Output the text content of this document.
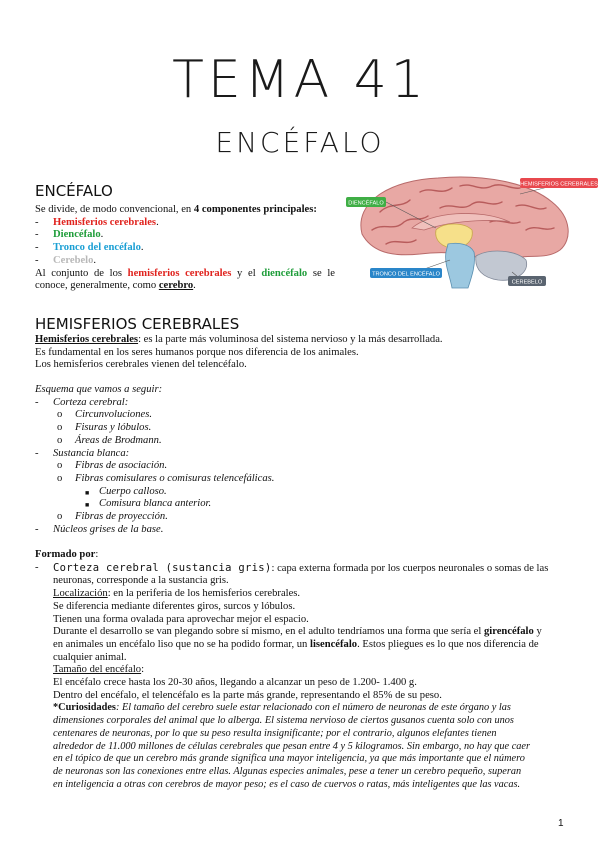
TEMA 41
ENCÉFALO
ENCÉFALO
Se divide, de modo convencional, en 4 componentes principales:
- Hemisferios cerebrales.
- Diencéfalo.
- Tronco del encéfalo.
- Cerebelo.
Al conjunto de los hemisferios cerebrales y el diencéfalo se le
conoce, generalmente, como cerebro.
HEMISFERIOS CEREBRALES
DIENCÉFALO
TRONCO DEL ENCÉFALO
CEREBELO
HEMISFERIOS CEREBRALES
Hemisferios cerebrales: es la parte más voluminosa del sistema nervioso y la más desarrollada.
Es fundamental en los seres humanos porque nos diferencia de los animales.
Los hemisferios cerebrales vienen del telencéfalo.
Esquema que vamos a seguir:
- Corteza cerebral:
o Circunvoluciones.
o Fisuras y lóbulos.
o Áreas de Brodmann.
- Sustancia blanca:
o Fibras de asociación.
o Fibras comisulares o comisuras telencefálicas.
■ Cuerpo calloso.
■ Comisura blanca anterior.
o Fibras de proyección.
- Núcleos grises de la base.
Formado por:
- Corteza cerebral (sustancia gris): capa externa formada por los cuerpos neuronales o somas de las
neuronas, corresponde a la sustancia gris.
Localización: en la periferia de los hemisferios cerebrales.
Se diferencia mediante diferentes giros, surcos y lóbulos.
Tienen una forma ovalada para aprovechar mejor el espacio.
Durante el desarrollo se van plegando sobre sí mismo, en el adulto tendríamos una forma que sería el girencéfalo y
en animales un encéfalo liso que no se ha podido formar, un lisencéfalo. Estos pliegues es lo que nos diferencia de
cualquier animal.
Tamaño del encéfalo:
El encéfalo crece hasta los 20-30 años, llegando a alcanzar un peso de 1.200- 1.400 g.
Dentro del encéfalo, el telencéfalo es la parte más grande, representando el 85% de su peso.
*Curiosidades: El tamaño del cerebro suele estar relacionado con el número de neuronas de este órgano y las
dimensiones corporales del animal que lo alberga. El sistema nervioso de ciertos gusanos cuenta solo con unos
centenares de neuronas, por lo que su peso resulta insignificante; por el contrario, algunos elefantes tienen
alrededor de 11.000 millones de células cerebrales que pesan entre 4 y 5 kilogramos. Sin embargo, no hay que caer
en el tópico de que un cerebro más grande significa una mayor inteligencia, ya que más importante que el número
de neuronas son las conexiones entre ellas. Algunas especies animales, pese a tener un cerebro pequeño, superan
en inteligencia a otras con cerebros de mayor peso; es el caso de cuervos o ratas, más inteligentes que las vacas.
1
